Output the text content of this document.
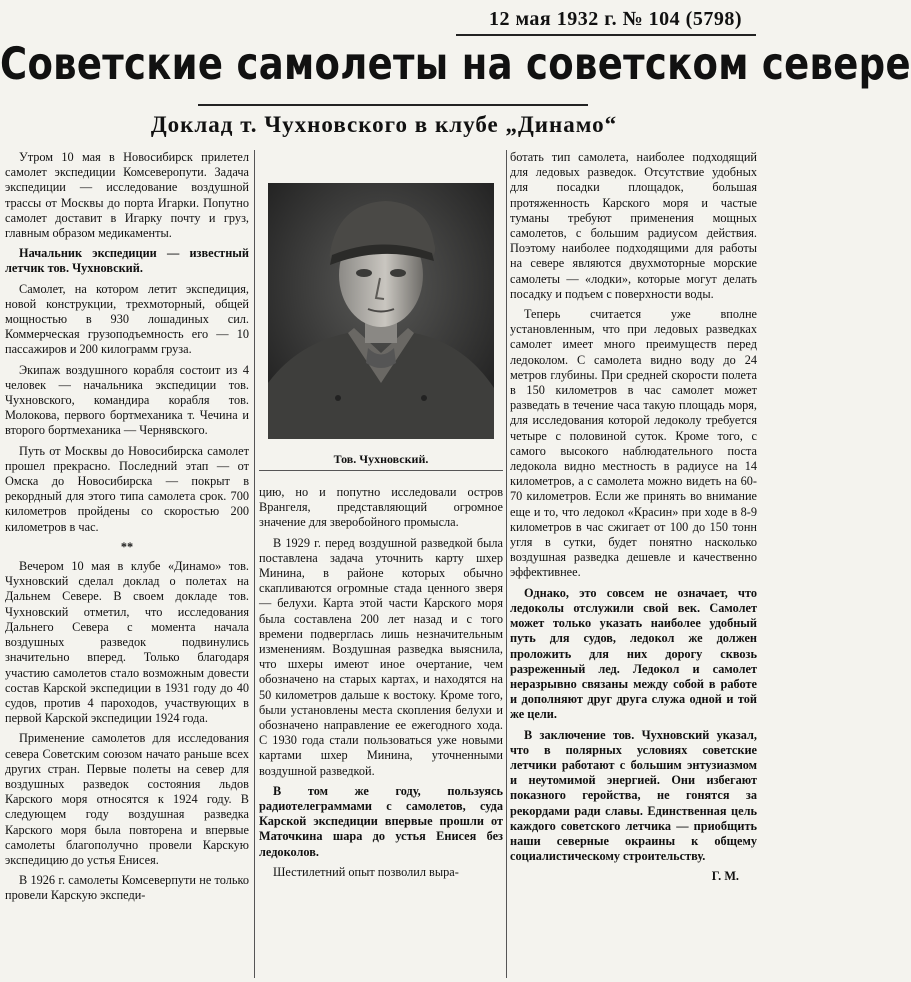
12 мая 1932 г. № 104 (5798)
Советские самолеты на советском севере
Доклад т. Чухновского в клубе „Динамо“

Утром 10 мая в Новосибирск прилетел самолет экспедиции Комсеверопути. Задача экспедиции — исследование воздушной трассы от Москвы до порта Игарки. Попутно самолет доставит в Игарку почту и груз, главным образом медикаменты.

Начальник экспедиции — известный летчик тов. Чухновский.

Самолет, на котором летит экспедиция, новой конструкции, трехмоторный, общей мощностью в 930 лошадиных сил. Коммерческая грузоподъемность его — 10 пассажиров и 200 килограмм груза.

Экипаж воздушного корабля состоит из 4 человек — начальника экспедиции тов. Чухновского, командира корабля тов. Молокова, первого бортмеханика т. Чечина и второго бортмеханика — Чернявского.

Путь от Москвы до Новосибирска самолет прошел прекрасно. Последний этап — от Омска до Новосибирска — покрыт в рекордный для этого типа самолета срок. 700 километров пройдены со скоростью 200 километров в час.

**

Вечером 10 мая в клубе «Динамо» тов. Чухновский сделал доклад о полетах на Дальнем Севере. В своем докладе тов. Чухновский отметил, что исследования Дальнего Севера с момента начала воздушных разведок подвинулись значительно вперед. Только благодаря участию самолетов стало возможным довести состав Карской экспедиции в 1931 году до 40 судов, против 4 пароходов, участвующих в первой Карской экспедиции 1924 года.

Применение самолетов для исследования севера Советским союзом начато раньше всех других стран. Первые полеты на север для воздушных разведок состояния льдов Карского моря относятся к 1924 году. В следующем году воздушная разведка Карского моря была повторена и впервые самолеты благополучно провели Карскую экспедицию до устья Енисея.

В 1926 г. самолеты Комсеверпути не только провели Карскую экспеди-

Тов. Чухновский.

цию, но и попутно исследовали остров Врангеля, представляющий огромное значение для зверобойного промысла.

В 1929 г. перед воздушной разведкой была поставлена задача уточнить карту шхер Минина, в районе которых обычно скапливаются огромные стада ценного зверя — белухи. Карта этой части Карского моря была составлена 200 лет назад и с того времени подверглась лишь незначительным изменениям. Воздушная разведка выяснила, что шхеры имеют иное очертание, чем обозначено на старых картах, и находятся на 50 километров дальше к востоку. Кроме того, были установлены места скопления белухи и обозначено направление ее ежегодного хода. С 1930 года стали пользоваться уже новыми картами шхер Минина, уточненными воздушной разведкой.

В том же году, пользуясь радиотелеграммами с самолетов, суда Карской экспедиции впервые прошли от Маточкина шара до устья Енисея без ледоколов.

Шестилетний опыт позволил выра-

ботать тип самолета, наиболее подходящий для ледовых разведок. Отсутствие удобных для посадки площадок, большая протяженность Карского моря и частые туманы требуют применения мощных самолетов, с большим радиусом действия. Поэтому наиболее подходящими для работы на севере являются двухмоторные морские самолеты — «лодки», которые могут делать посадку и подъем с поверхности воды.

Теперь считается уже вполне установленным, что при ледовых разведках самолет имеет много преимуществ перед ледоколом. С самолета видно воду до 24 метров глубины. При средней скорости полета в 150 километров в час самолет может разведать в течение часа такую площадь моря, для исследования которой ледоколу требуется четыре с половиной суток. Кроме того, с самого высокого наблюдательного поста ледокола видно местность в радиусе на 14 километров, а с самолета можно видеть на 60-70 километров. Если же принять во внимание еще и то, что ледокол «Красин» при ходе в 8-9 километров в час сжигает от 100 до 150 тонн угля в сутки, будет понятно насколько воздушная разведка дешевле и качественно эффективнее.

Однако, это совсем не означает, что ледоколы отслужили свой век. Самолет может только указать наиболее удобный путь для судов, ледокол же должен проложить для них дорогу сквозь разреженный лед. Ледокол и самолет неразрывно связаны между собой в работе и дополняют друг друга служа одной и той же цели.

В заключение тов. Чухновский указал, что в полярных условиях советские летчики работают с большим энтузиазмом и неутомимой энергией. Они избегают показного геройства, не гонятся за рекордами ради славы. Единственная цель каждого советского летчика — приобщить наши северные окраины к общему социалистическому строительству.

Г. М.
